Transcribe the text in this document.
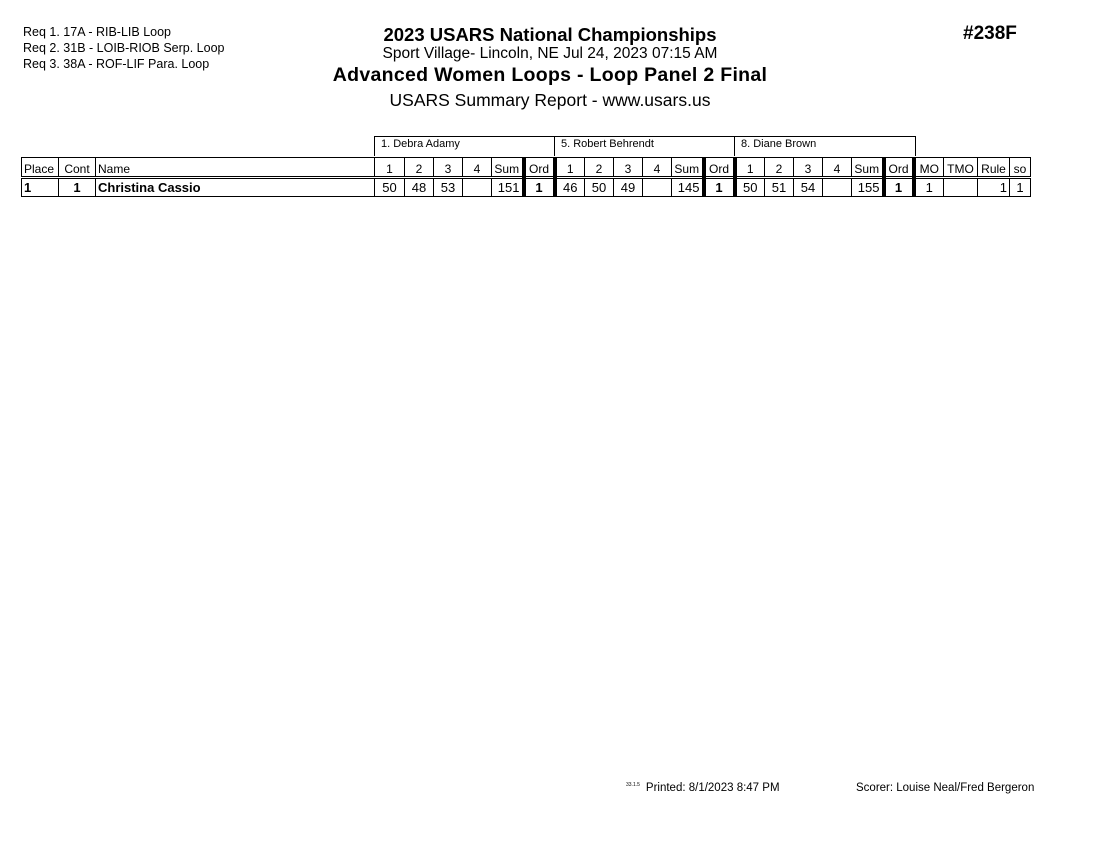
Req 1. 17A - RIB-LIB Loop
Req 2. 31B - LOIB-RIOB Serp. Loop
Req 3. 38A - ROF-LIF Para. Loop
2023 USARS National Championships
Sport Village- Lincoln, NE Jul 24, 2023 07:15 AM
Advanced Women Loops - Loop Panel 2 Final
USARS Summary Report - www.usars.us
#238F
1. Debra Adamy	5. Robert Behrendt	8. Diane Brown
Place	Cont	Name	1	2	3	4	Sum	Ord	1	2	3	4	Sum	Ord	1	2	3	4	Sum	Ord	MO	TMO	Rule	so
1	1	Christina Cassio	50	48	53		151	1	46	50	49		145	1	50	51	54		155	1	1		1	1
$^{33.1.5}$ Printed: 8/1/2023 8:47 PM	Scorer: Louise Neal/Fred Bergeron
